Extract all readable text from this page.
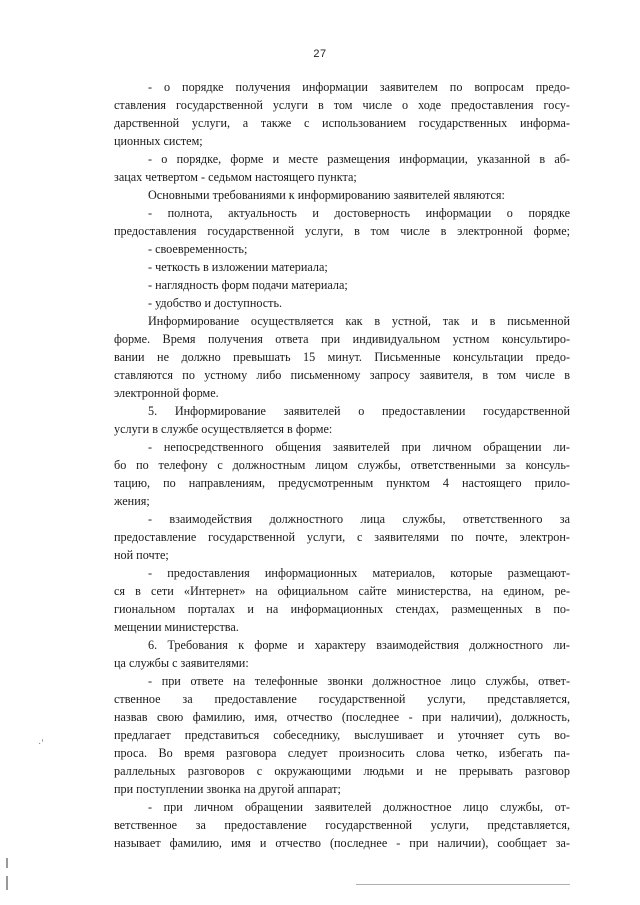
27
- о порядке получения информации заявителем по вопросам предо-
ставления государственной услуги в том числе о ходе предоставления госу-
дарственной услуги, а также с использованием государственных информа-
ционных систем;
- о порядке, форме и месте размещения информации, указанной в аб-
зацах четвертом - седьмом настоящего пункта;
Основными требованиями к информированию заявителей являются:
- полнота, актуальность и достоверность информации о порядке
предоставления государственной услуги, в том числе в электронной форме;
- своевременность;
- четкость в изложении материала;
- наглядность форм подачи материала;
- удобство и доступность.
Информирование осуществляется как в устной, так и в письменной
форме. Время получения ответа при индивидуальном устном консультиро-
вании не должно превышать 15 минут. Письменные консультации предо-
ставляются по устному либо письменному запросу заявителя, в том числе в
электронной форме.
5. Информирование заявителей о предоставлении государственной
услуги в службе осуществляется в форме:
- непосредственного общения заявителей при личном обращении ли-
бо по телефону с должностным лицом службы, ответственными за консуль-
тацию, по направлениям, предусмотренным пунктом 4 настоящего прило-
жения;
- взаимодействия должностного лица службы, ответственного за
предоставление государственной услуги, с заявителями по почте, электрон-
ной почте;
- предоставления информационных материалов, которые размещают-
ся в сети «Интернет» на официальном сайте министерства, на едином, ре-
гиональном порталах и на информационных стендах, размещенных в по-
мещении министерства.
6. Требования к форме и характеру взаимодействия должностного ли-
ца службы с заявителями:
- при ответе на телефонные звонки должностное лицо службы, ответ-
ственное за предоставление государственной услуги, представляется,
назвав свою фамилию, имя, отчество (последнее - при наличии), должность,
предлагает представиться собеседнику, выслушивает и уточняет суть во-
проса. Во время разговора следует произносить слова четко, избегать па-
раллельных разговоров с окружающими людьми и не прерывать разговор
при поступлении звонка на другой аппарат;
- при личном обращении заявителей должностное лицо службы, от-
ветственное за предоставление государственной услуги, представляется,
называет фамилию, имя и отчество (последнее - при наличии), сообщает за-
·‘
